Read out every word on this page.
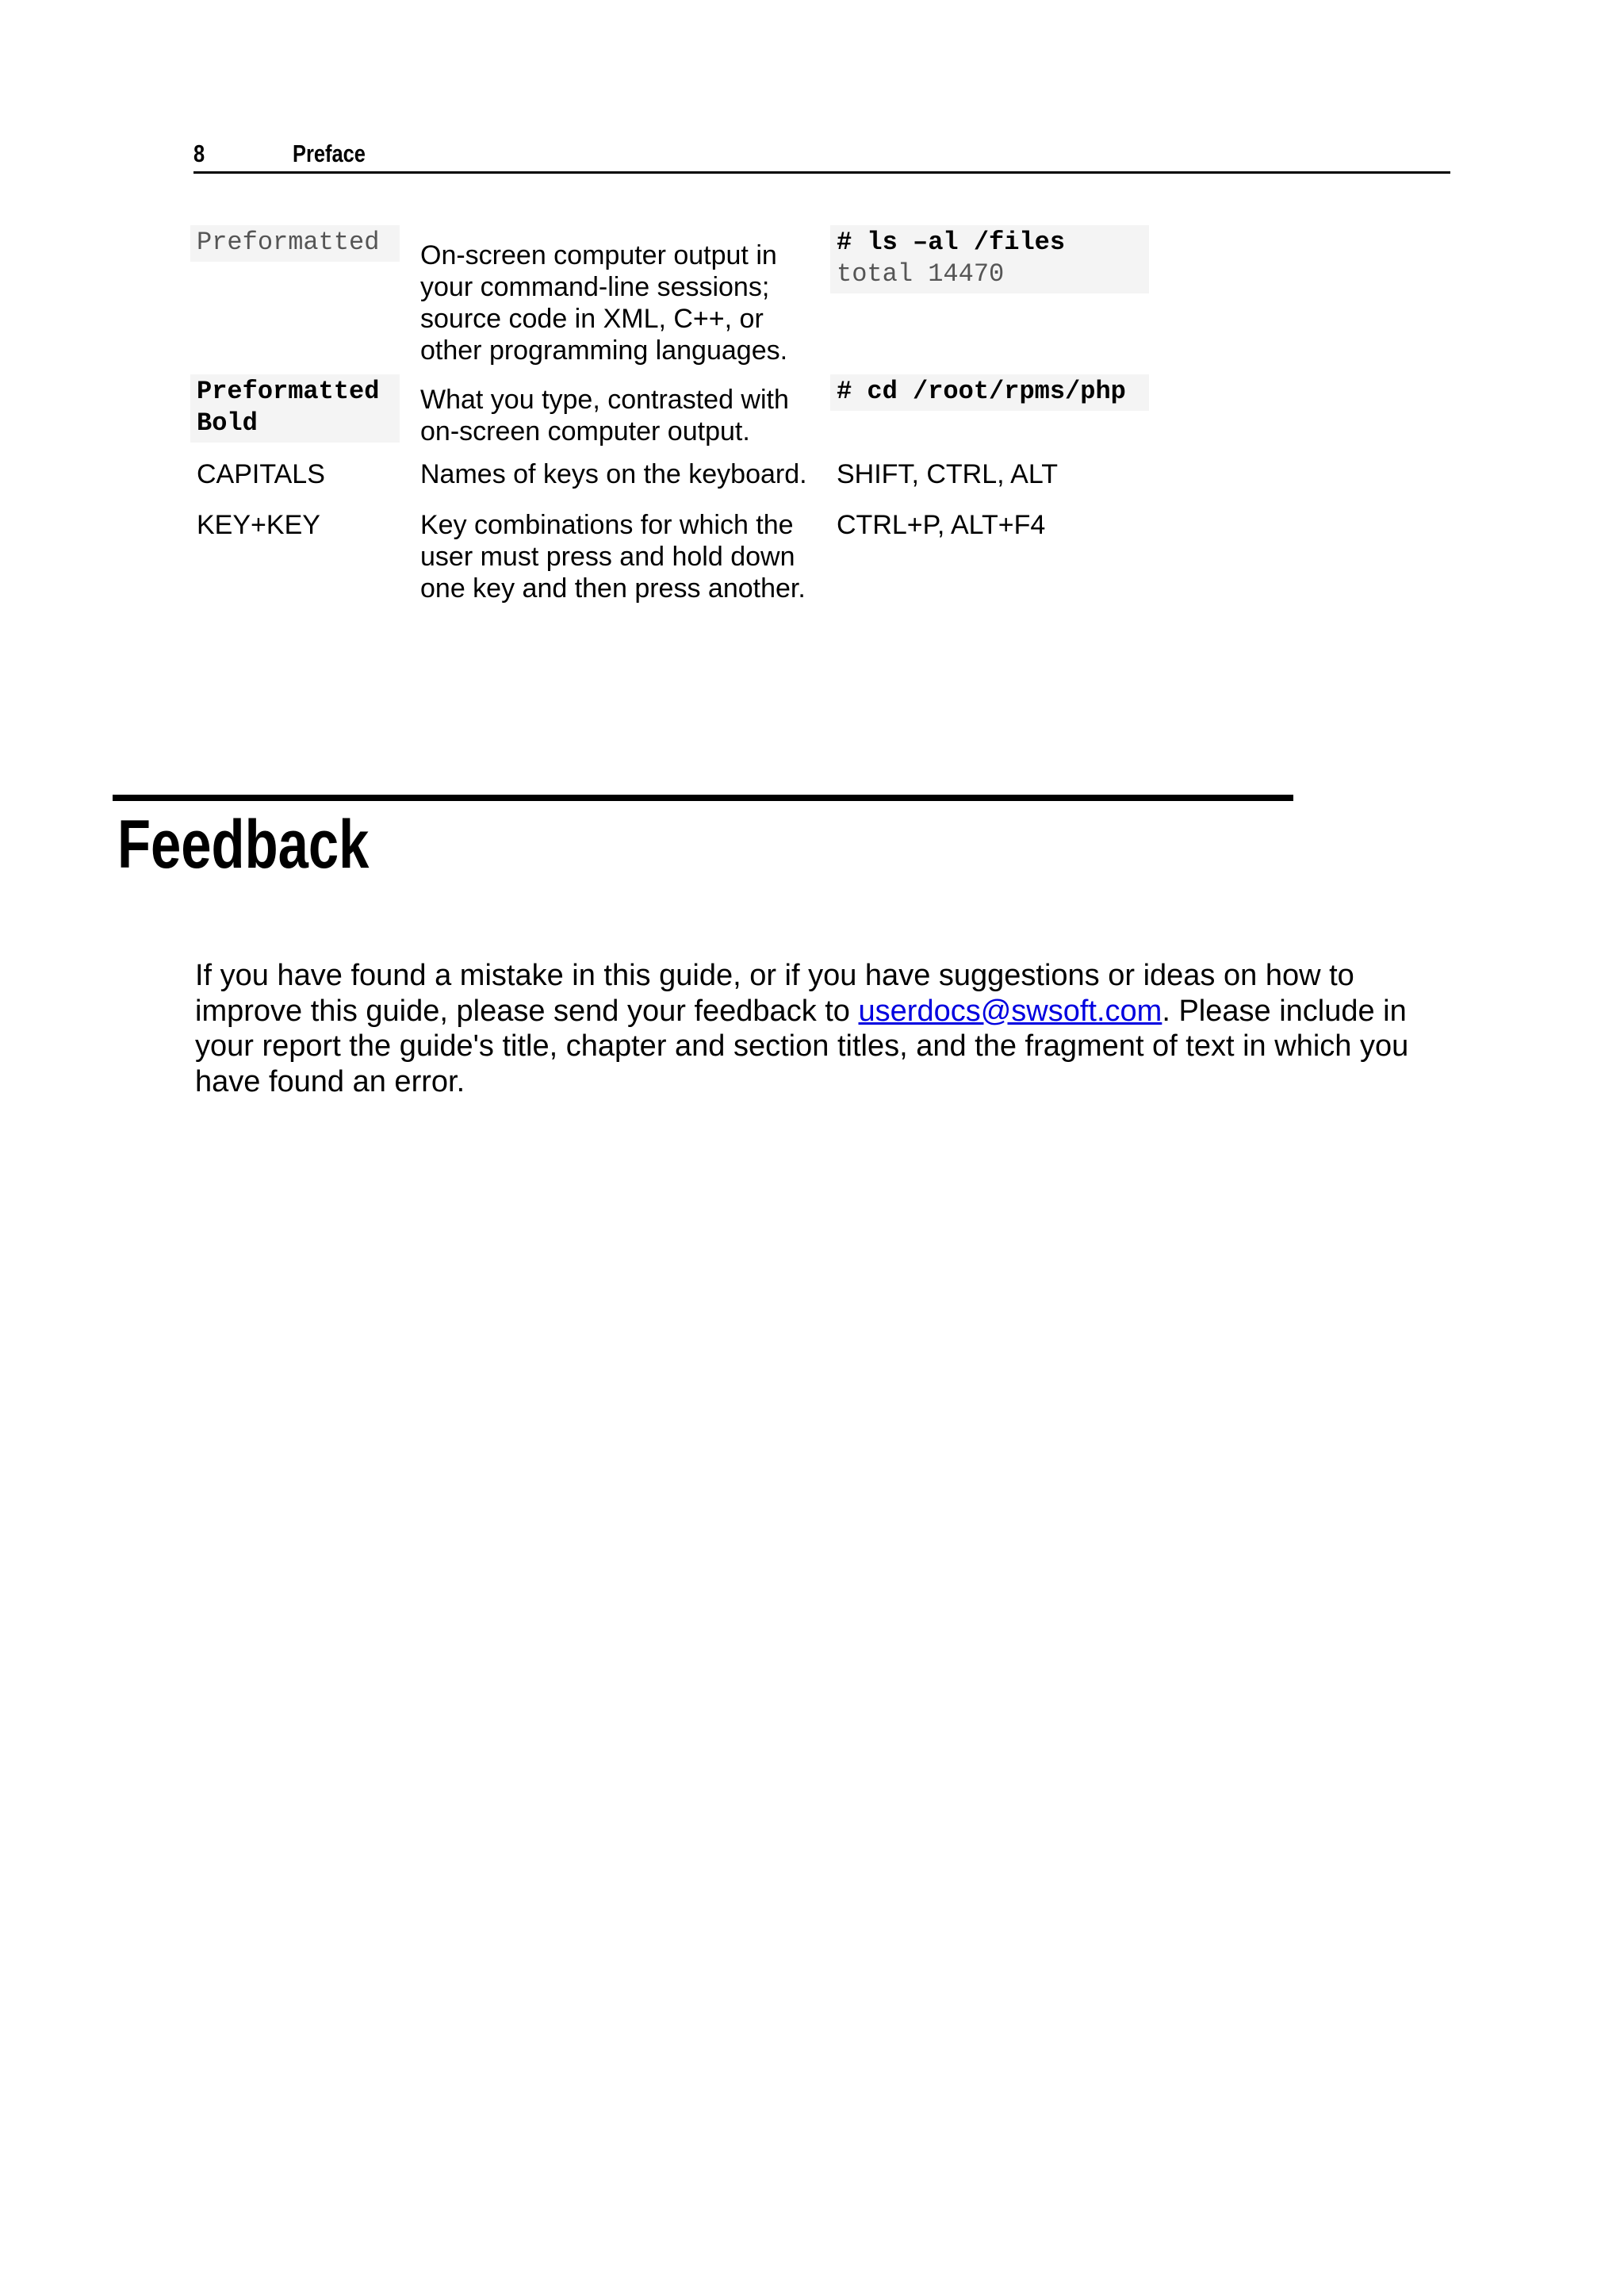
8	Preface
Preformatted	On-screen computer output in your command-line sessions; source code in XML, C++, or other programming languages.	# ls –al /files
total 14470

Preformatted Bold	What you type, contrasted with on-screen computer output.	# cd /root/rpms/php

CAPITALS	Names of keys on the keyboard.	SHIFT, CTRL, ALT

KEY+KEY	Key combinations for which the user must press and hold down one key and then press another.	CTRL+P, ALT+F4
Feedback

If you have found a mistake in this guide, or if you have suggestions or ideas on how to improve this guide, please send your feedback to userdocs@swsoft.com. Please include in your report the guide's title, chapter and section titles, and the fragment of text in which you have found an error.
